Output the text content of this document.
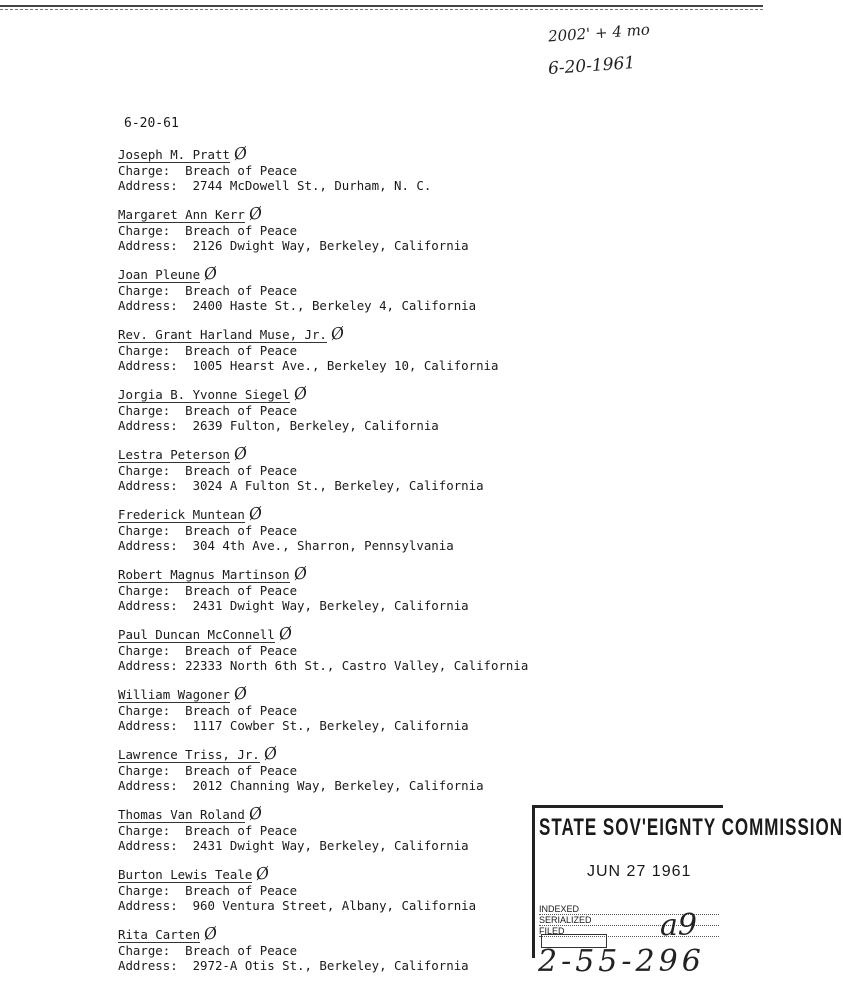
2002' + 4 mo
6-20-1961
6-20-61
Joseph M. Pratt Ø
Charge:  Breach of Peace
Address:  2744 McDowell St., Durham, N. C.
Margaret Ann Kerr Ø
Charge:  Breach of Peace
Address:  2126 Dwight Way, Berkeley, California
Joan Pleune Ø
Charge:  Breach of Peace
Address:  2400 Haste St., Berkeley 4, California
Rev. Grant Harland Muse, Jr. Ø
Charge:  Breach of Peace
Address:  1005 Hearst Ave., Berkeley 10, California
Jorgia B. Yvonne Siegel Ø
Charge:  Breach of Peace
Address:  2639 Fulton, Berkeley, California
Lestra Peterson Ø
Charge:  Breach of Peace
Address:  3024 A Fulton St., Berkeley, California
Frederick Muntean Ø
Charge:  Breach of Peace
Address:  304 4th Ave., Sharron, Pennsylvania
Robert Magnus Martinson Ø
Charge:  Breach of Peace
Address:  2431 Dwight Way, Berkeley, California
Paul Duncan McConnell Ø
Charge:  Breach of Peace
Address: 22333 North 6th St., Castro Valley, California
William Wagoner Ø
Charge:  Breach of Peace
Address:  1117 Cowber St., Berkeley, California
Lawrence Triss, Jr. Ø
Charge:  Breach of Peace
Address:  2012 Channing Way, Berkeley, California
Thomas Van Roland Ø
Charge:  Breach of Peace
Address:  2431 Dwight Way, Berkeley, California
Burton Lewis Teale Ø
Charge:  Breach of Peace
Address:  960 Ventura Street, Albany, California
Rita Carten Ø
Charge:  Breach of Peace
Address:  2972-A Otis St., Berkeley, California
STATE SOV'EIGNTY COMMISSION
JUN 27 1961
INDEXED
SERIALIZED
FILED	a9
2-55-296
